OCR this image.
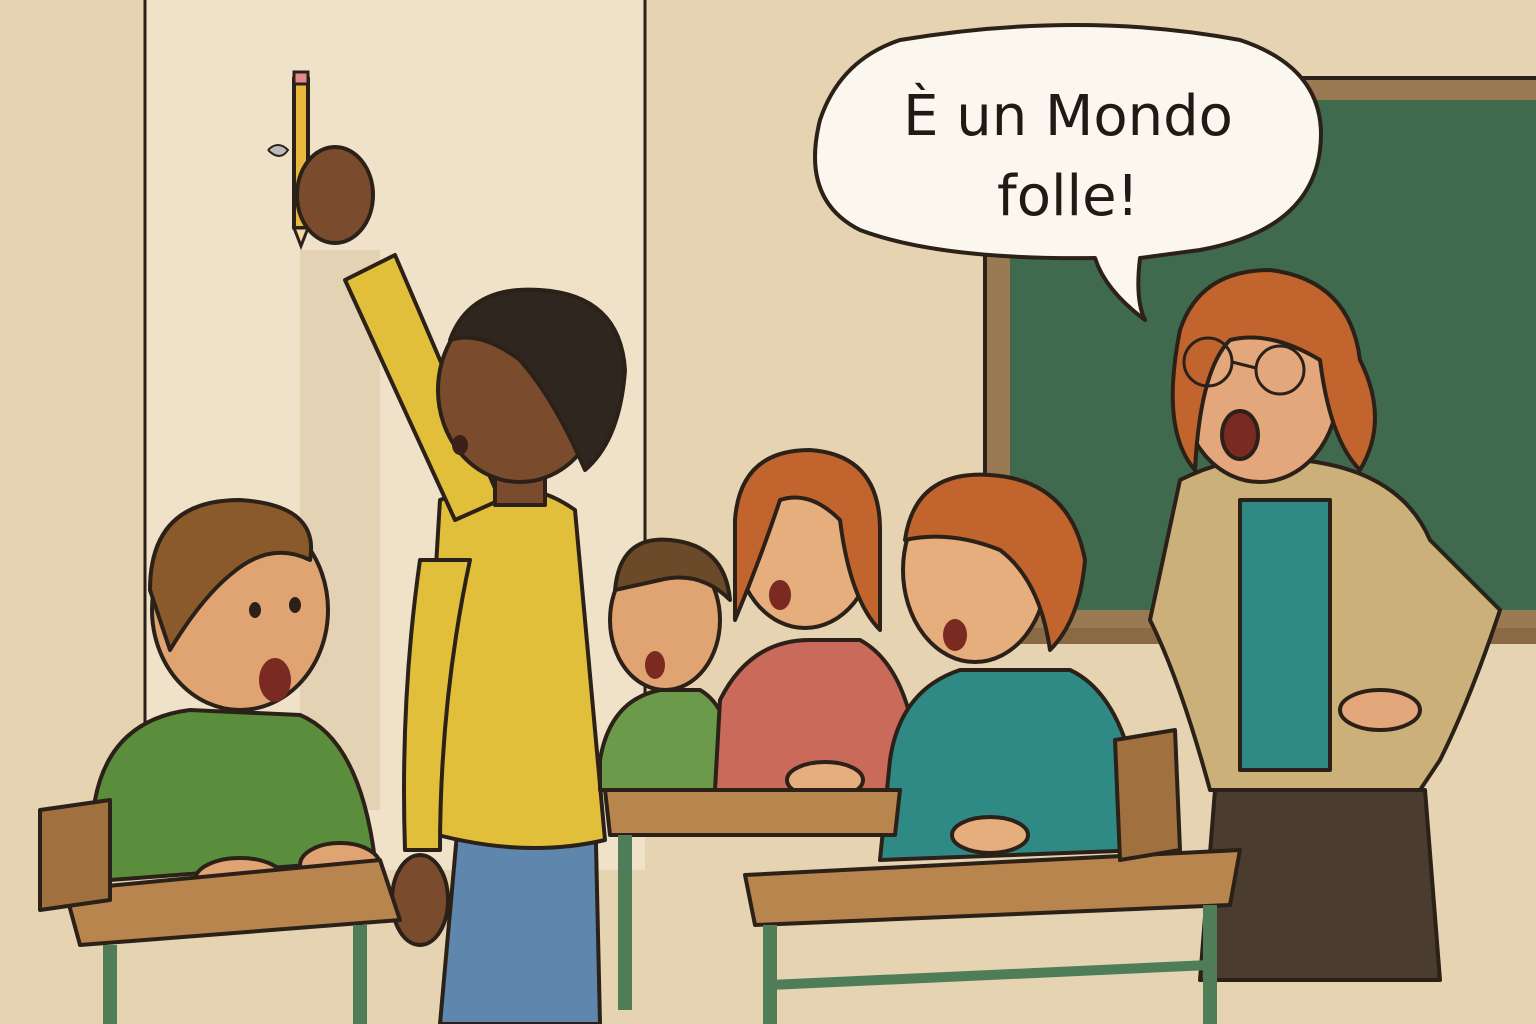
È un Mondo
folle!
